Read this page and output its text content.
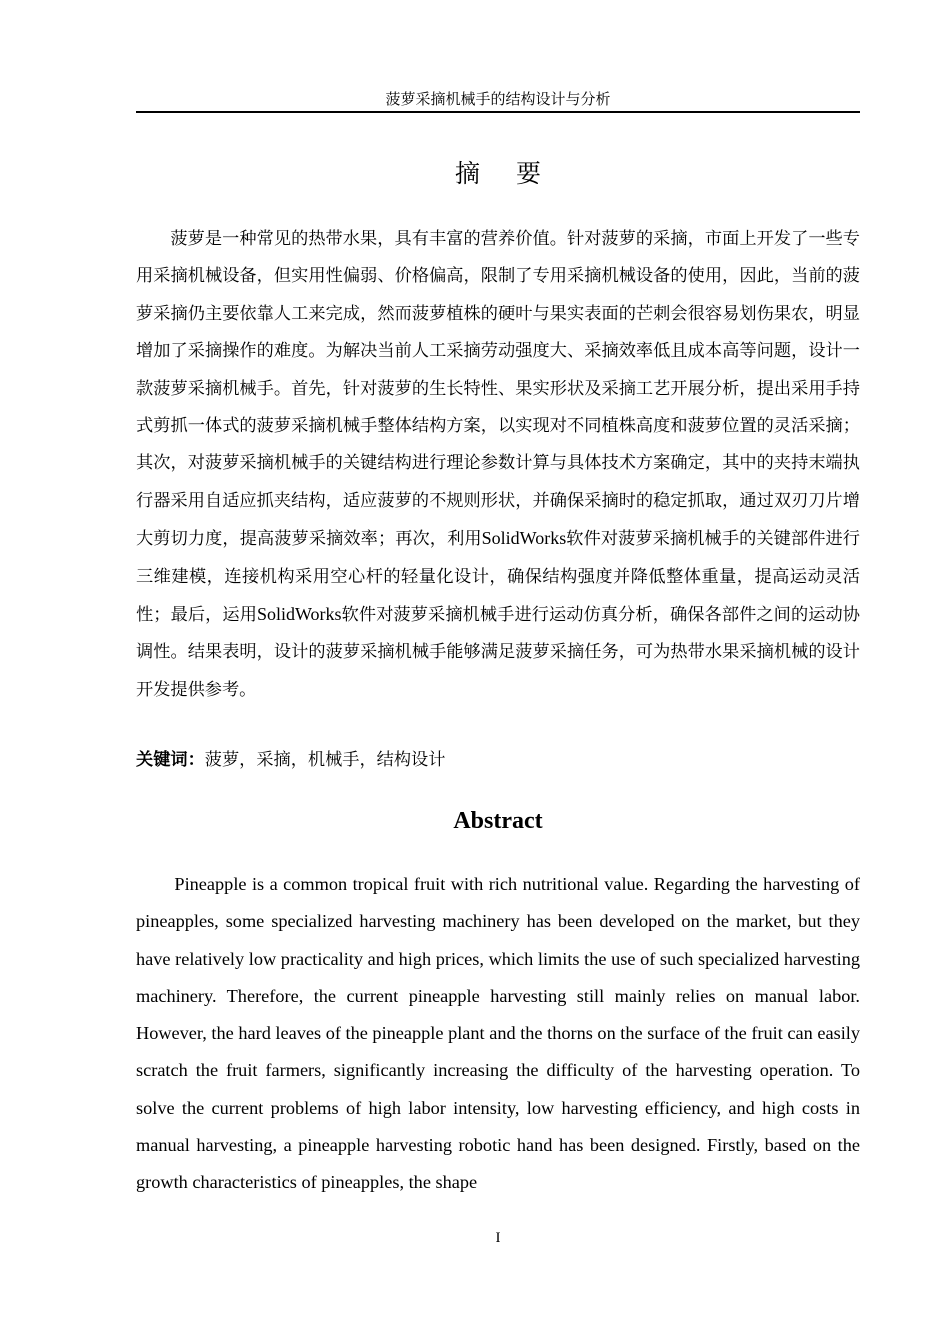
菠萝采摘机械手的结构设计与分析
摘 要

菠萝是一种常见的热带水果，具有丰富的营养价值。针对菠萝的采摘，市面上开发了一些专用采摘机械设备，但实用性偏弱、价格偏高，限制了专用采摘机械设备的使用，因此，当前的菠萝采摘仍主要依靠人工来完成，然而菠萝植株的硬叶与果实表面的芒刺会很容易划伤果农，明显增加了采摘操作的难度。为解决当前人工采摘劳动强度大、采摘效率低且成本高等问题，设计一款菠萝采摘机械手。首先，针对菠萝的生长特性、果实形状及采摘工艺开展分析，提出采用手持式剪抓一体式的菠萝采摘机械手整体结构方案，以实现对不同植株高度和菠萝位置的灵活采摘；其次，对菠萝采摘机械手的关键结构进行理论参数计算与具体技术方案确定，其中的夹持末端执行器采用自适应抓夹结构，适应菠萝的不规则形状，并确保采摘时的稳定抓取，通过双刃刀片增大剪切力度，提高菠萝采摘效率；再次，利用SolidWorks软件对菠萝采摘机械手的关键部件进行三维建模，连接机构采用空心杆的轻量化设计，确保结构强度并降低整体重量，提高运动灵活性；最后，运用SolidWorks软件对菠萝采摘机械手进行运动仿真分析，确保各部件之间的运动协调性。结果表明，设计的菠萝采摘机械手能够满足菠萝采摘任务，可为热带水果采摘机械的设计开发提供参考。

关键词：菠萝，采摘，机械手，结构设计

Abstract

Pineapple is a common tropical fruit with rich nutritional value. Regarding the harvesting of pineapples, some specialized harvesting machinery has been developed on the market, but they have relatively low practicality and high prices, which limits the use of such specialized harvesting machinery. Therefore, the current pineapple harvesting still mainly relies on manual labor. However, the hard leaves of the pineapple plant and the thorns on the surface of the fruit can easily scratch the fruit farmers, significantly increasing the difficulty of the harvesting operation. To solve the current problems of high labor intensity, low harvesting efficiency, and high costs in manual harvesting, a pineapple harvesting robotic hand has been designed. Firstly, based on the growth characteristics of pineapples, the shape

I
